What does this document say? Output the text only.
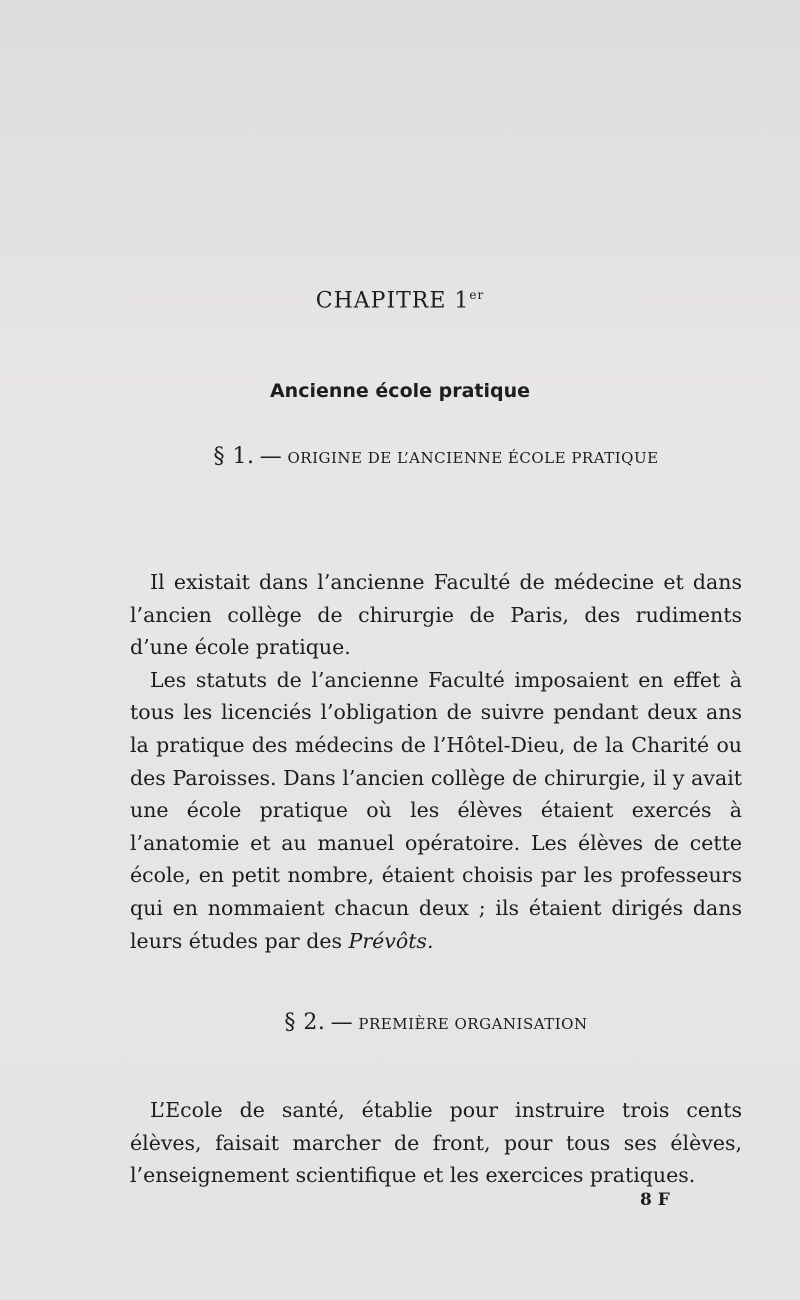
CHAPITRE 1er
Ancienne école pratique
§ 1. — ORIGINE DE L’ANCIENNE ÉCOLE PRATIQUE

Il existait dans l’ancienne Faculté de médecine et dans l’ancien collège de chirurgie de Paris, des rudiments d’une école pratique.

Les statuts de l’ancienne Faculté imposaient en effet à tous les licenciés l’obligation de suivre pendant deux ans la pratique des médecins de l’Hôtel-Dieu, de la Charité ou des Paroisses. Dans l’ancien collège de chirurgie, il y avait une école pratique où les élèves étaient exercés à l’anatomie et au manuel opératoire. Les élèves de cette école, en petit nombre, étaient choisis par les professeurs qui en nommaient chacun deux ; ils étaient dirigés dans leurs études par des Prévôts.

§ 2. — PREMIÈRE ORGANISATION

L’Ecole de santé, établie pour instruire trois cents élèves, faisait marcher de front, pour tous ses élèves, l’enseignement scientifique et les exercices pratiques.

8 F
